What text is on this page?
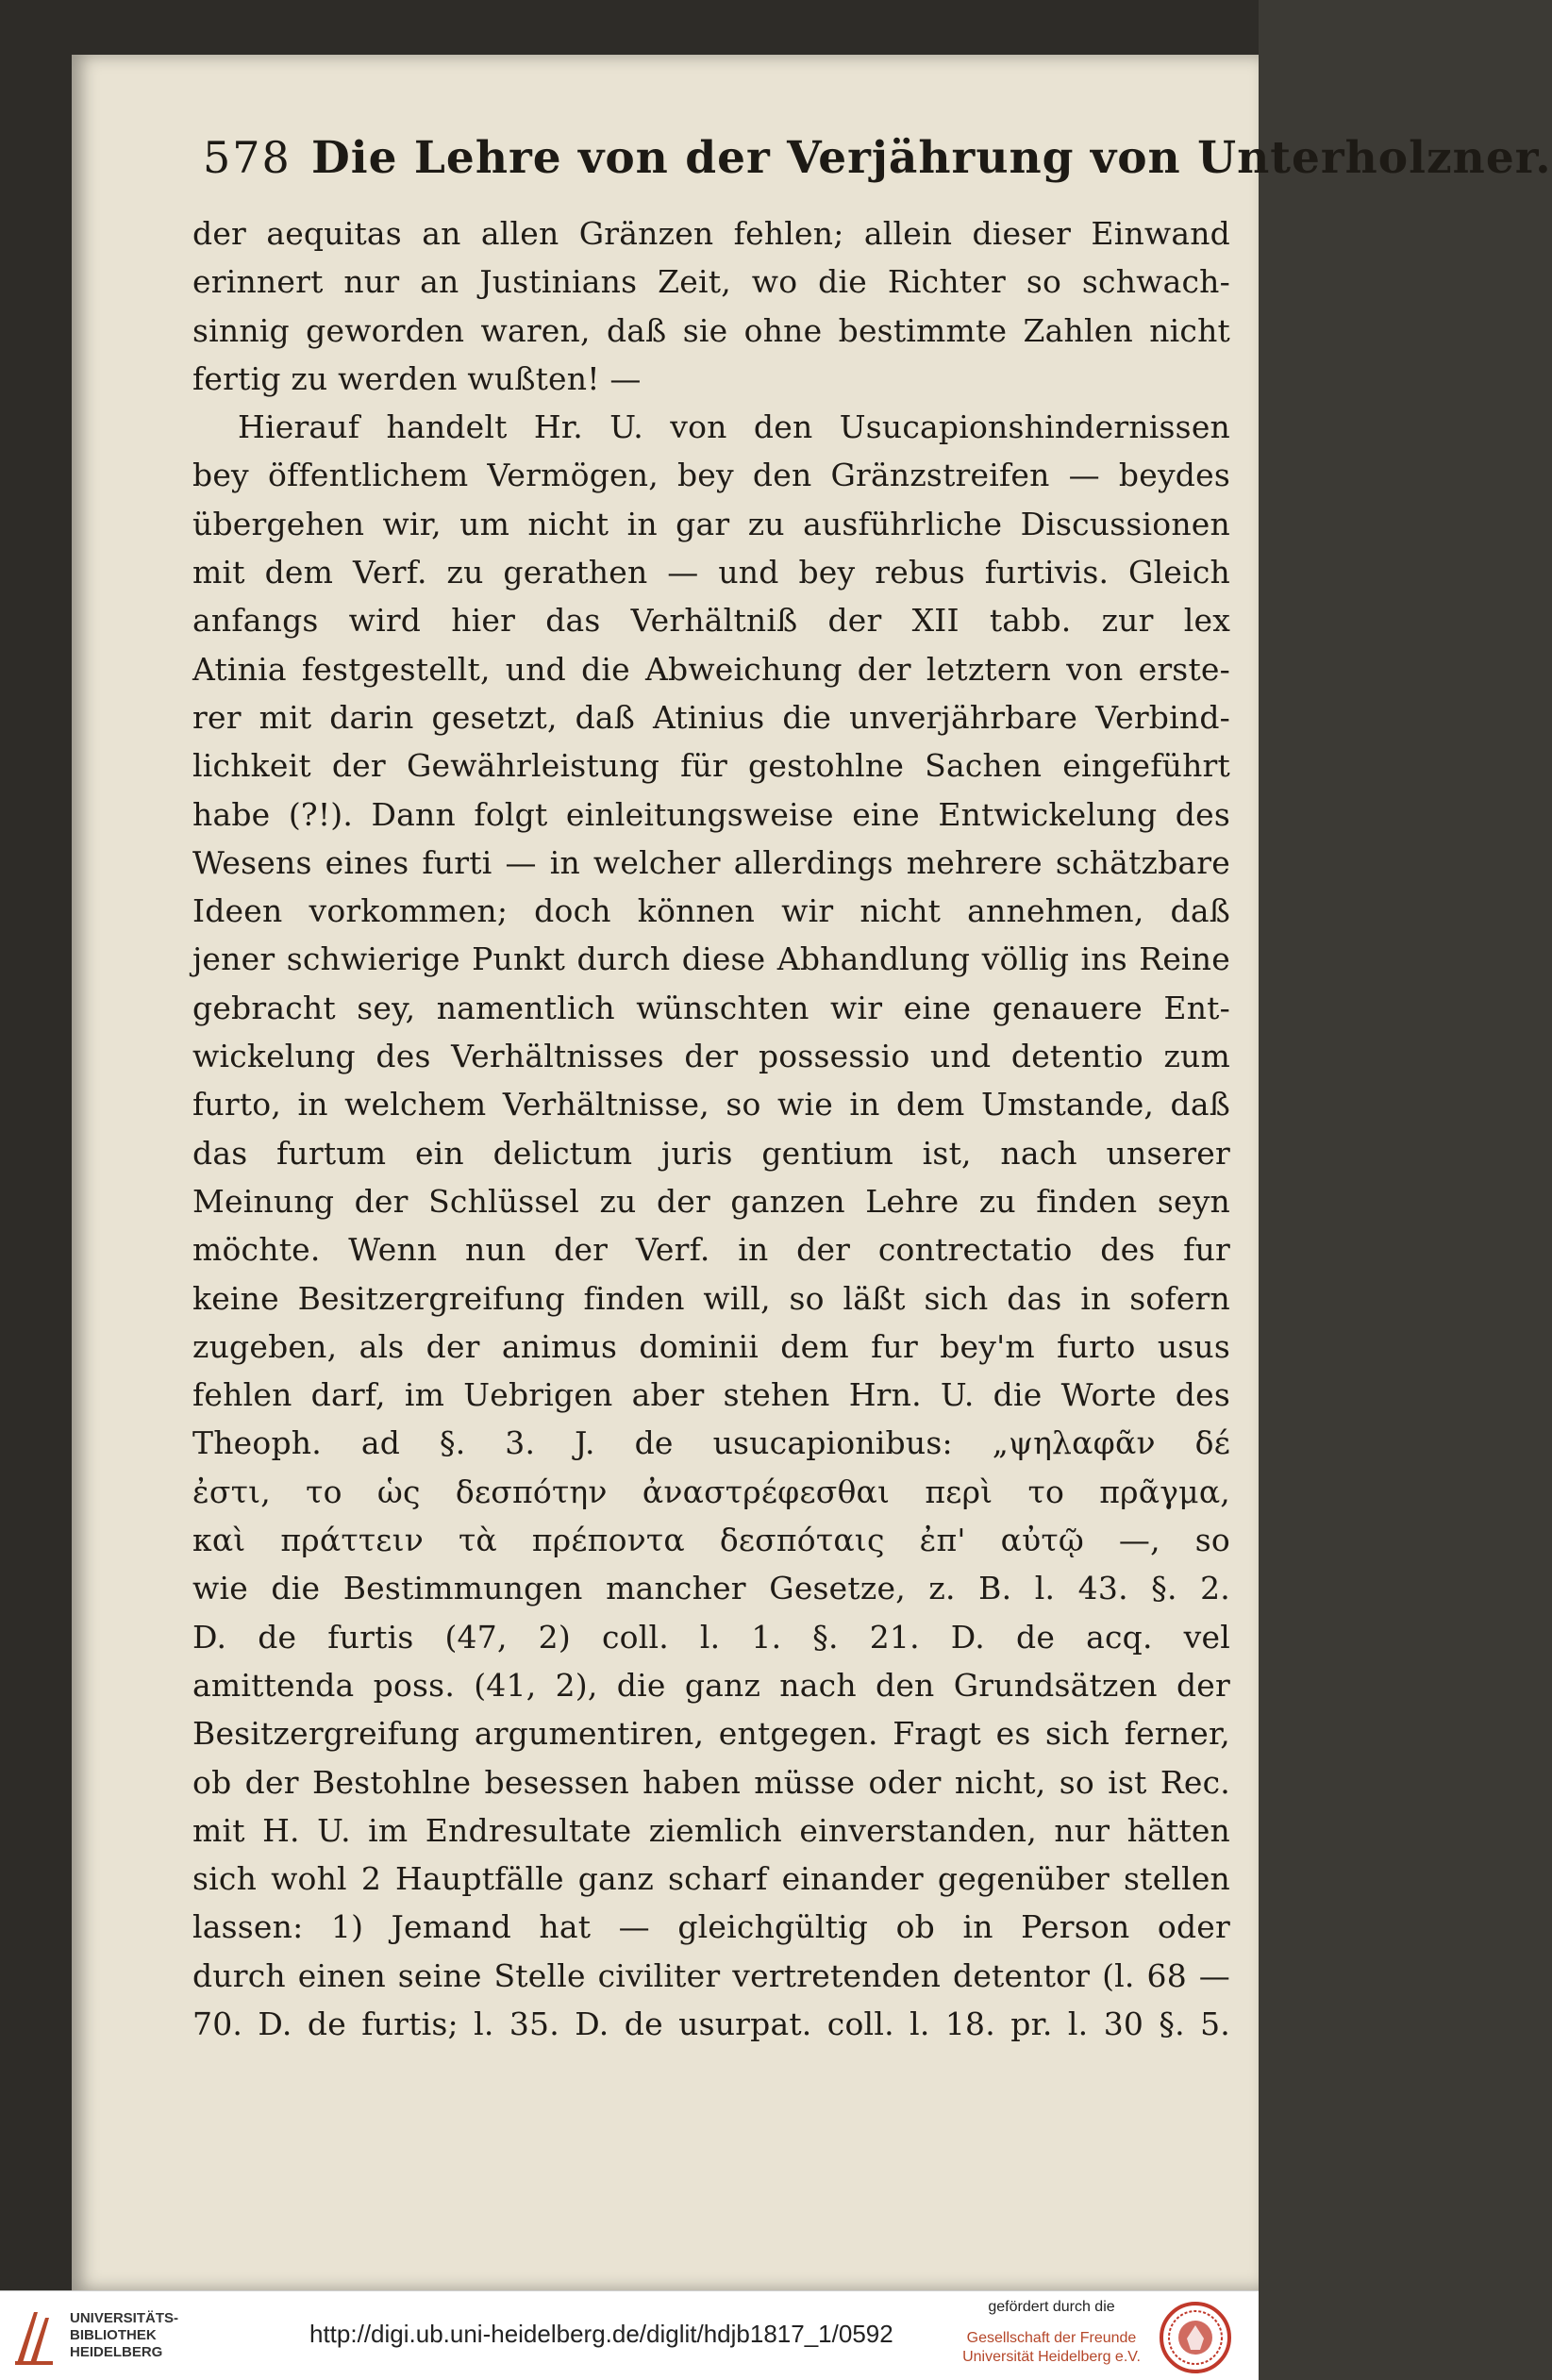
578 Die Lehre von der Verjährung von Unterholzner.
der aequitas an allen Gränzen fehlen; allein dieser Einwand
erinnert nur an Justinians Zeit, wo die Richter so schwach-
sinnig geworden waren, daß sie ohne bestimmte Zahlen nicht
fertig zu werden wußten! —
Hierauf handelt Hr. U. von den Usucapionshindernissen
bey öffentlichem Vermögen, bey den Gränzstreifen — beydes
übergehen wir, um nicht in gar zu ausführliche Discussionen
mit dem Verf. zu gerathen — und bey rebus furtivis. Gleich
anfangs wird hier das Verhältniß der XII tabb. zur lex
Atinia festgestellt, und die Abweichung der letztern von erste-
rer mit darin gesetzt, daß Atinius die unverjährbare Verbind-
lichkeit der Gewährleistung für gestohlne Sachen eingeführt
habe (?!). Dann folgt einleitungsweise eine Entwickelung des
Wesens eines furti — in welcher allerdings mehrere schätzbare
Ideen vorkommen; doch können wir nicht annehmen, daß
jener schwierige Punkt durch diese Abhandlung völlig ins Reine
gebracht sey, namentlich wünschten wir eine genauere Ent-
wickelung des Verhältnisses der possessio und detentio zum
furto, in welchem Verhältnisse, so wie in dem Umstande, daß
das furtum ein delictum juris gentium ist, nach unserer
Meinung der Schlüssel zu der ganzen Lehre zu finden seyn
möchte. Wenn nun der Verf. in der contrectatio des fur
keine Besitzergreifung finden will, so läßt sich das in sofern
zugeben, als der animus dominii dem fur bey'm furto usus
fehlen darf, im Uebrigen aber stehen Hrn. U. die Worte des
Theoph. ad §. 3. J. de usucapionibus: „ψηλαφᾶν δέ
ἐστι, το ὡς δεσπότην ἀναστρέφεσθαι περὶ το πρᾶγμα,
καὶ πράττειν τὰ πρέποντα δεσπόταις ἐπ' αὐτῷ —, so
wie die Bestimmungen mancher Gesetze, z. B. l. 43. §. 2.
D. de furtis (47, 2) coll. l. 1. §. 21. D. de acq. vel
amittenda poss. (41, 2), die ganz nach den Grundsätzen der
Besitzergreifung argumentiren, entgegen. Fragt es sich ferner,
ob der Bestohlne besessen haben müsse oder nicht, so ist Rec.
mit H. U. im Endresultate ziemlich einverstanden, nur hätten
sich wohl 2 Hauptfälle ganz scharf einander gegenüber stellen
lassen: 1) Jemand hat — gleichgültig ob in Person oder
durch einen seine Stelle civiliter vertretenden detentor (l. 68 —
70. D. de furtis; l. 35. D. de usurpat. coll. l. 18. pr. l. 30 §. 5.
UNIVERSITÄTS-
BIBLIOTHEK
HEIDELBERG
http://digi.ub.uni-heidelberg.de/diglit/hdjb1817_1/0592
gefördert durch die
Gesellschaft der Freunde
Universität Heidelberg e.V.
